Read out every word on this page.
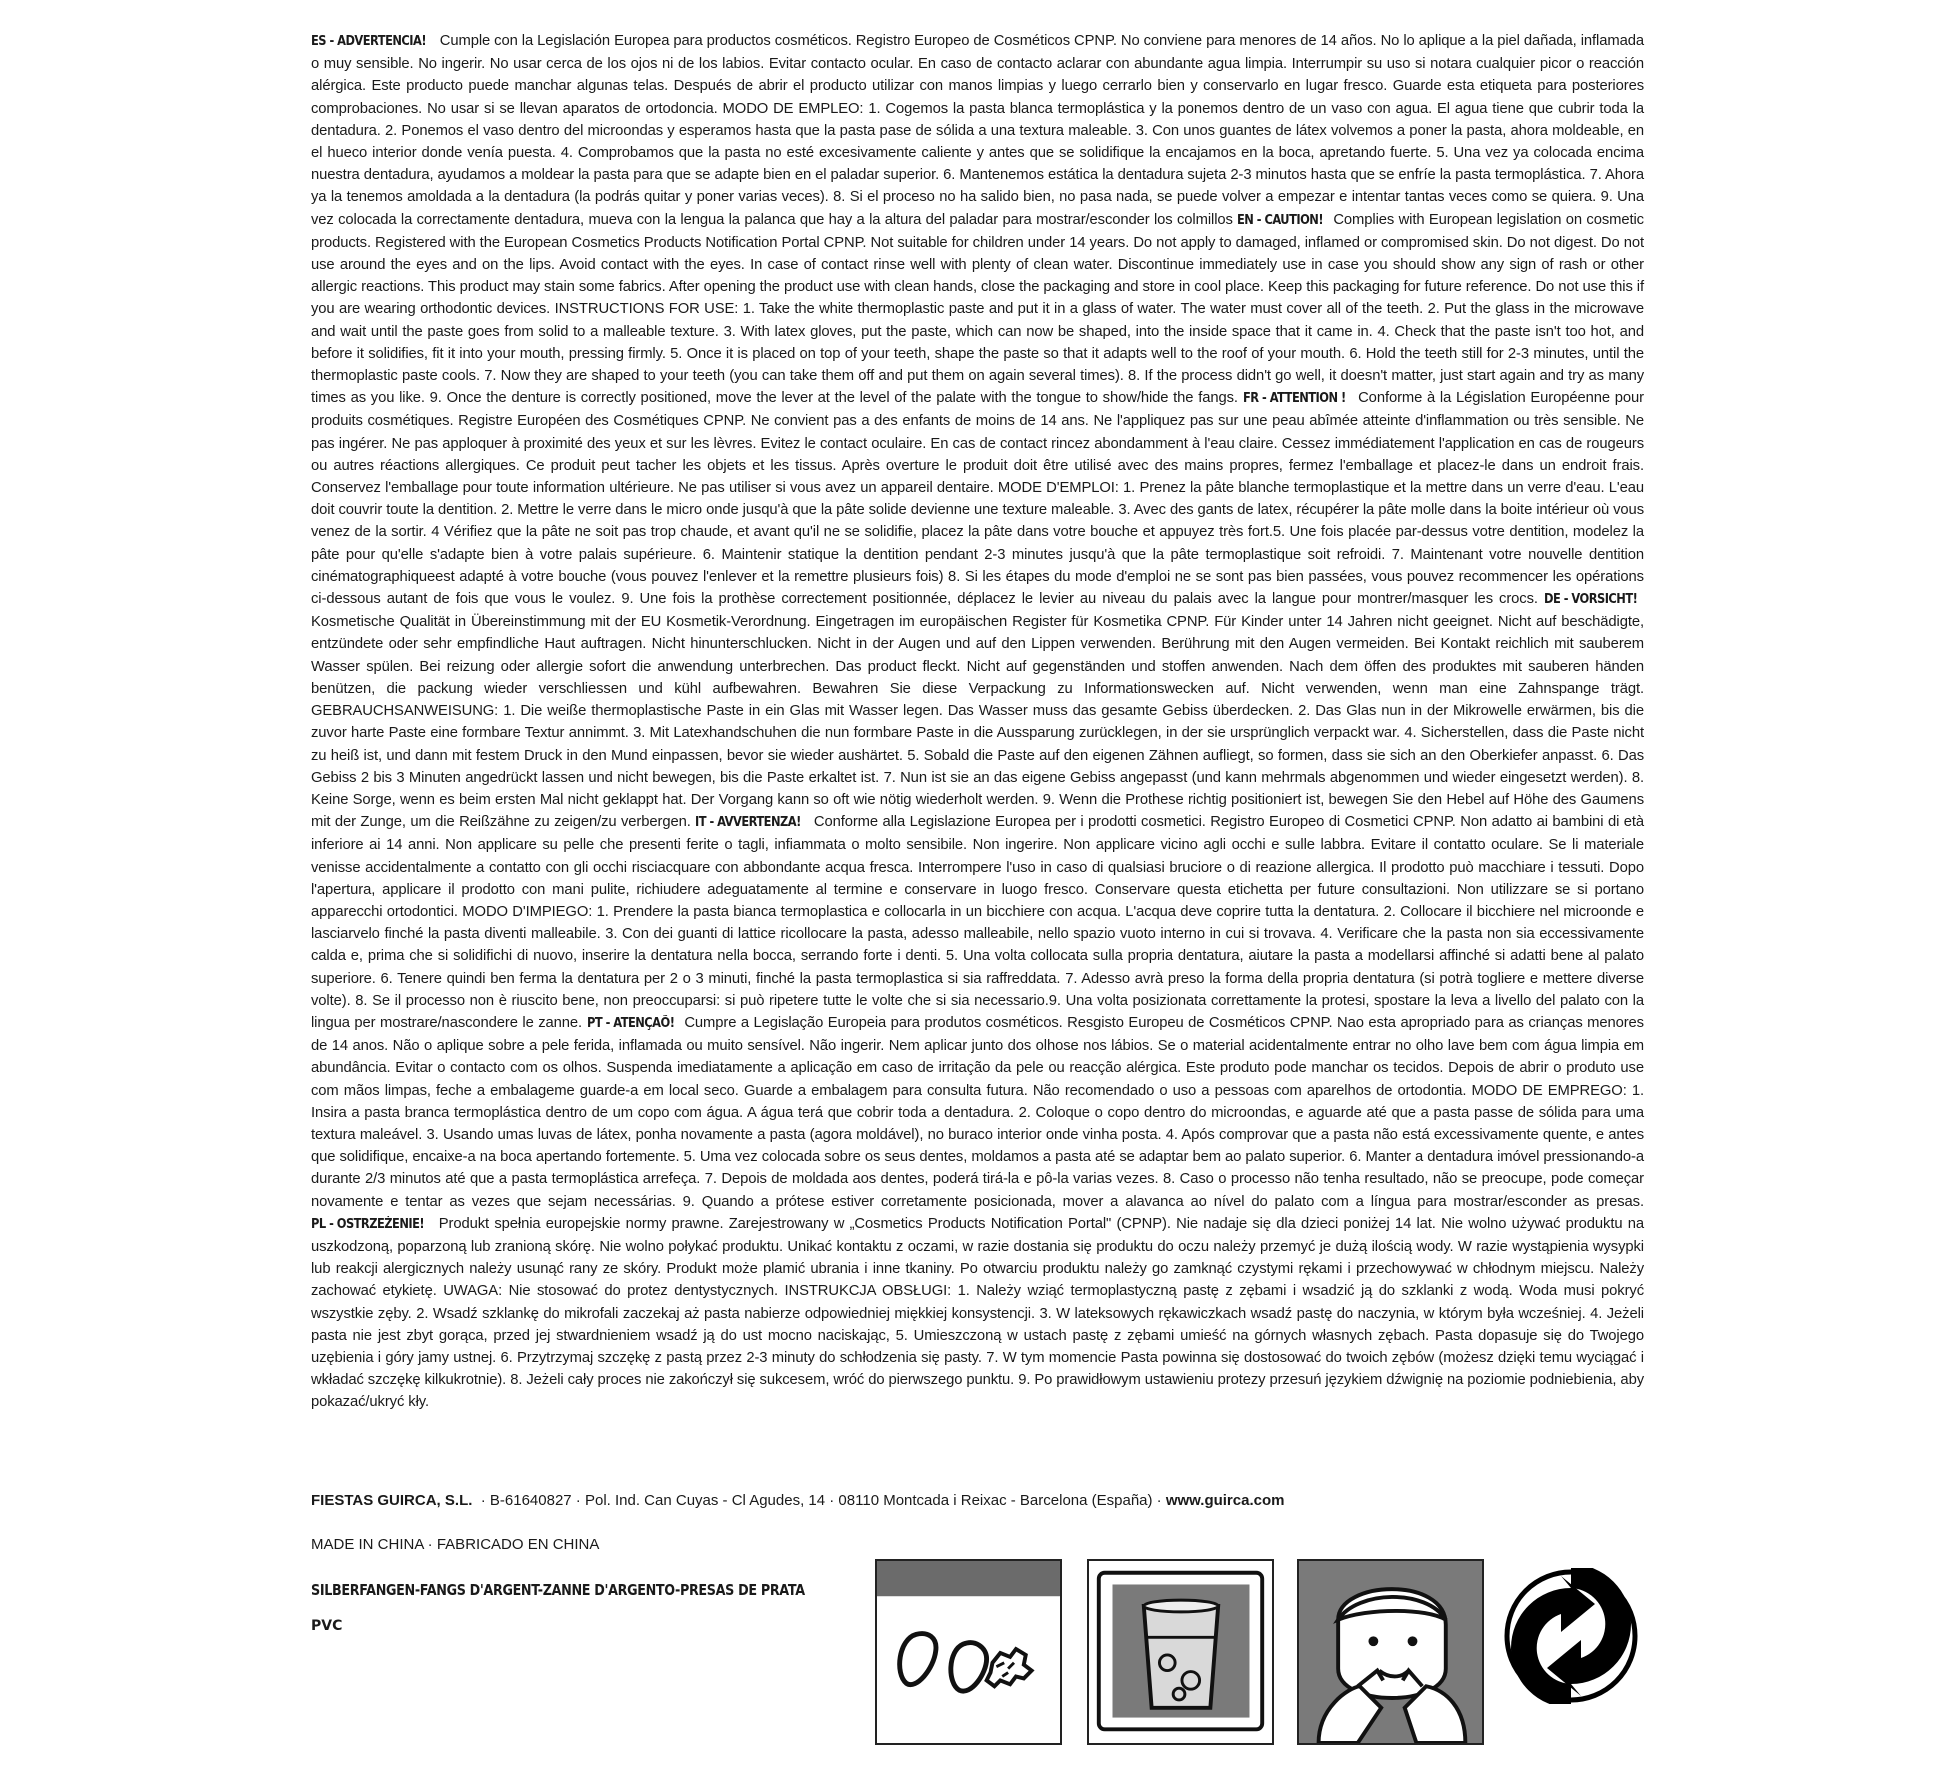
ES - ADVERTENCIA! Cumple con la Legislación Europea para productos cosméticos. Registro Europeo de Cosméticos CPNP. No conviene para menores de 14 años. No lo aplique a la piel dañada, inflamada o muy sensible. No ingerir. No usar cerca de los ojos ni de los labios. Evitar contacto ocular. En caso de contacto aclarar con abundante agua limpia. Interrumpir su uso si notara cualquier picor o reacción alérgica. Este producto puede manchar algunas telas. Después de abrir el producto utilizar con manos limpias y luego cerrarlo bien y conservarlo en lugar fresco. Guarde esta etiqueta para posteriores comprobaciones. No usar si se llevan aparatos de ortodoncia. MODO DE EMPLEO: 1. Cogemos la pasta blanca termoplástica y la ponemos dentro de un vaso con agua. El agua tiene que cubrir toda la dentadura. 2. Ponemos el vaso dentro del microondas y esperamos hasta que la pasta pase de sólida a una textura maleable. 3. Con unos guantes de látex volvemos a poner la pasta, ahora moldeable, en el hueco interior donde venía puesta. 4. Comprobamos que la pasta no esté excesivamente caliente y antes que se solidifique la encajamos en la boca, apretando fuerte. 5. Una vez ya colocada encima nuestra dentadura, ayudamos a moldear la pasta para que se adapte bien en el paladar superior. 6. Mantenemos estática la dentadura sujeta 2-3 minutos hasta que se enfríe la pasta termoplástica. 7. Ahora ya la tenemos amoldada a la dentadura (la podrás quitar y poner varias veces). 8. Si el proceso no ha salido bien, no pasa nada, se puede volver a empezar e intentar tantas veces como se quiera. 9. Una vez colocada la correctamente dentadura, mueva con la lengua la palanca que hay a la altura del paladar para mostrar/esconder los colmillos

EN - CAUTION! Complies with European legislation on cosmetic products. Registered with the European Cosmetics Products Notification Portal CPNP. Not suitable for children under 14 years. Do not apply to damaged, inflamed or compromised skin. Do not digest. Do not use around the eyes and on the lips. Avoid contact with the eyes. In case of contact rinse well with plenty of clean water. Discontinue immediately use in case you should show any sign of rash or other allergic reactions. This product may stain some fabrics. After opening the product use with clean hands, close the packaging and store in cool place. Keep this packaging for future reference. Do not use this if you are wearing orthodontic devices. INSTRUCTIONS FOR USE: 1. Take the white thermoplastic paste and put it in a glass of water. The water must cover all of the teeth. 2. Put the glass in the microwave and wait until the paste goes from solid to a malleable texture. 3. With latex gloves, put the paste, which can now be shaped, into the inside space that it came in. 4. Check that the paste isn't too hot, and before it solidifies, fit it into your mouth, pressing firmly. 5. Once it is placed on top of your teeth, shape the paste so that it adapts well to the roof of your mouth. 6. Hold the teeth still for 2-3 minutes, until the thermoplastic paste cools. 7. Now they are shaped to your teeth (you can take them off and put them on again several times). 8. If the process didn't go well, it doesn't matter, just start again and try as many times as you like. 9. Once the denture is correctly positioned, move the lever at the level of the palate with the tongue to show/hide the fangs.

FR - ATTENTION ! Conforme à la Législation Européenne pour produits cosmétiques. Registre Européen des Cosmétiques CPNP. Ne convient pas a des enfants de moins de 14 ans. Ne l'appliquez pas sur une peau abîmée atteinte d'inflammation ou très sensible. Ne pas ingérer. Ne pas apploquer à proximité des yeux et sur les lèvres. Evitez le contact oculaire. En cas de contact rincez abondamment à l'eau claire. Cessez immédiatement l'application en cas de rougeurs ou autres réactions allergiques. Ce produit peut tacher les objets et les tissus. Après overture le produit doit être utilisé avec des mains propres, fermez l'emballage et placez-le dans un endroit frais. Conservez l'emballage pour toute information ultérieure. Ne pas utiliser si vous avez un appareil dentaire. MODE D'EMPLOI: 1. Prenez la pâte blanche termoplastique et la mettre dans un verre d'eau. L'eau doit couvrir toute la dentition. 2. Mettre le verre dans le micro onde jusqu'à que la pâte solide devienne une texture maleable. 3. Avec des gants de latex, récupérer la pâte molle dans la boite intérieur où vous venez de la sortir. 4 Vérifiez que la pâte ne soit pas trop chaude, et avant qu'il ne se solidifie, placez la pâte dans votre bouche et appuyez très fort.5. Une fois placée par-dessus votre dentition, modelez la pâte pour qu'elle s'adapte bien à votre palais supérieure. 6. Maintenir statique la dentition pendant 2-3 minutes jusqu'à que la pâte termoplastique soit refroidi. 7. Maintenant votre nouvelle dentition cinématographiqueest adapté à votre bouche (vous pouvez l'enlever et la remettre plusieurs fois) 8. Si les étapes du mode d'emploi ne se sont pas bien passées, vous pouvez recommencer les opérations ci-dessous autant de fois que vous le voulez. 9. Une fois la prothèse correctement positionnée, déplacez le levier au niveau du palais avec la langue pour montrer/masquer les crocs.

DE - VORSICHT! Kosmetische Qualität in Übereinstimmung mit der EU Kosmetik-Verordnung. Eingetragen im europäischen Register für Kosmetika CPNP. Für Kinder unter 14 Jahren nicht geeignet. Nicht auf beschädigte, entzündete oder sehr empfindliche Haut auftragen. Nicht hinunterschlucken. Nicht in der Augen und auf den Lippen verwenden. Berührung mit den Augen vermeiden. Bei Kontakt reichlich mit sauberem Wasser spülen. Bei reizung oder allergie sofort die anwendung unterbrechen. Das product fleckt. Nicht auf gegenständen und stoffen anwenden. Nach dem öffen des produktes mit sauberen händen benützen, die packung wieder verschliessen und kühl aufbewahren. Bewahren Sie diese Verpackung zu Informationswecken auf. Nicht verwenden, wenn man eine Zahnspange trägt. GEBRAUCHSANWEISUNG: 1. Die weiße thermoplastische Paste in ein Glas mit Wasser legen. Das Wasser muss das gesamte Gebiss überdecken. 2. Das Glas nun in der Mikrowelle erwärmen, bis die zuvor harte Paste eine formbare Textur annimmt. 3. Mit Latexhandschuhen die nun formbare Paste in die Aussparung zurücklegen, in der sie ursprünglich verpackt war. 4. Sicherstellen, dass die Paste nicht zu heiß ist, und dann mit festem Druck in den Mund einpassen, bevor sie wieder aushärtet. 5. Sobald die Paste auf den eigenen Zähnen aufliegt, so formen, dass sie sich an den Oberkiefer anpasst. 6. Das Gebiss 2 bis 3 Minuten angedrückt lassen und nicht bewegen, bis die Paste erkaltet ist. 7. Nun ist sie an das eigene Gebiss angepasst (und kann mehrmals abgenommen und wieder eingesetzt werden). 8. Keine Sorge, wenn es beim ersten Mal nicht geklappt hat. Der Vorgang kann so oft wie nötig wiederholt werden. 9. Wenn die Prothese richtig positioniert ist, bewegen Sie den Hebel auf Höhe des Gaumens mit der Zunge, um die Reißzähne zu zeigen/zu verbergen.

IT - AVVERTENZA! Conforme alla Legislazione Europea per i prodotti cosmetici. Registro Europeo di Cosmetici CPNP. Non adatto ai bambini di età inferiore ai 14 anni. Non applicare su pelle che presenti ferite o tagli, infiammata o molto sensibile. Non ingerire. Non applicare vicino agli occhi e sulle labbra. Evitare il contatto oculare. Se li materiale venisse accidentalmente a contatto con gli occhi risciacquare con abbondante acqua fresca. Interrompere l'uso in caso di qualsiasi bruciore o di reazione allergica. Il prodotto può macchiare i tessuti. Dopo l'apertura, applicare il prodotto con mani pulite, richiudere adeguatamente al termine e conservare in luogo fresco. Conservare questa etichetta per future consultazioni. Non utilizzare se si portano apparecchi ortodontici. MODO D'IMPIEGO: 1. Prendere la pasta bianca termoplastica e collocarla in un bicchiere con acqua. L'acqua deve coprire tutta la dentatura. 2. Collocare il bicchiere nel microonde e lasciarvelo finché la pasta diventi malleabile. 3. Con dei guanti di lattice ricollocare la pasta, adesso malleabile, nello spazio vuoto interno in cui si trovava. 4. Verificare che la pasta non sia eccessivamente calda e, prima che si solidifichi di nuovo, inserire la dentatura nella bocca, serrando forte i denti. 5. Una volta collocata sulla propria dentatura, aiutare la pasta a modellarsi affinché si adatti bene al palato superiore. 6. Tenere quindi ben ferma la dentatura per 2 o 3 minuti, finché la pasta termoplastica si sia raffreddata. 7. Adesso avrà preso la forma della propria dentatura (si potrà togliere e mettere diverse volte). 8. Se il processo non è riuscito bene, non preoccuparsi: si può ripetere tutte le volte che si sia necessario.9. Una volta posizionata correttamente la protesi, spostare la leva a livello del palato con la lingua per mostrare/nascondere le zanne.

PT - ATENÇAÕ! Cumpre a Legislação Europeia para produtos cosméticos. Resgisto Europeu de Cosméticos CPNP. Nao esta apropriado para as crianças menores de 14 anos. Não o aplique sobre a pele ferida, inflamada ou muito sensível. Não ingerir. Nem aplicar junto dos olhose nos lábios. Se o material acidentalmente entrar no olho lave bem com água limpia em abundância. Evitar o contacto com os olhos. Suspenda imediatamente a aplicação em caso de irritação da pele ou reacção alérgica. Este produto pode manchar os tecidos. Depois de abrir o produto use com mãos limpas, feche a embalageme guarde-a em local seco. Guarde a embalagem para consulta futura. Não recomendado o uso a pessoas com aparelhos de ortodontia. MODO DE EMPREGO: 1. Insira a pasta branca termoplástica dentro de um copo com água. A água terá que cobrir toda a dentadura. 2. Coloque o copo dentro do microondas, e aguarde até que a pasta passe de sólida para uma textura maleável. 3. Usando umas luvas de látex, ponha novamente a pasta (agora moldável), no buraco interior onde vinha posta. 4. Após comprovar que a pasta não está excessivamente quente, e antes que solidifique, encaixe-a na boca apertando fortemente. 5. Uma vez colocada sobre os seus dentes, moldamos a pasta até se adaptar bem ao palato superior. 6. Manter a dentadura imóvel pressionando-a durante 2/3 minutos até que a pasta termoplástica arrefeça. 7. Depois de moldada aos dentes, poderá tirá-la e pô-la varias vezes. 8. Caso o processo não tenha resultado, não se preocupe, pode começar novamente e tentar as vezes que sejam necessárias. 9. Quando a prótese estiver corretamente posicionada, mover a alavanca ao nível do palato com a língua para mostrar/esconder as presas.

PL - OSTRZEŻENIE! Produkt spełnia europejskie normy prawne. Zarejestrowany w „Cosmetics Products Notification Portal" (CPNP). Nie nadaje się dla dzieci poniżej 14 lat. Nie wolno używać produktu na uszkodzoną, poparzoną lub zranioną skórę. Nie wolno połykać produktu. Unikać kontaktu z oczami, w razie dostania się produktu do oczu należy przemyć je dużą ilością wody. W razie wystąpienia wysypki lub reakcji alergicznych należy usunąć rany ze skóry. Produkt może plamić ubrania i inne tkaniny. Po otwarciu produktu należy go zamknąć czystymi rękami i przechowywać w chłodnym miejscu. Należy zachować etykietę. UWAGA: Nie stosować do protez dentystycznych. INSTRUKCJA OBSŁUGI: 1. Należy wziąć termoplastyczną pastę z zębami i wsadzić ją do szklanki z wodą. Woda musi pokryć wszystkie zęby. 2. Wsadź szklankę do mikrofali zaczekaj aż pasta nabierze odpowiedniej miękkiej konsystencji. 3. W lateksowych rękawiczkach wsadź pastę do naczynia, w którym była wcześniej. 4. Jeżeli pasta nie jest zbyt gorąca, przed jej stwardnieniem wsadź ją do ust mocno naciskając, 5. Umieszczoną w ustach pastę z zębami umieść na górnych własnych zębach. Pasta dopasuje się do Twojego uzębienia i góry jamy ustnej. 6. Przytrzymaj szczękę z pastą przez 2-3 minuty do schłodzenia się pasty. 7. W tym momencie Pasta powinna się dostosować do twoich zębów (możesz dzięki temu wyciągać i wkładać szczękę kilkukrotnie). 8. Jeżeli cały proces nie zakończył się sukcesem, wróć do pierwszego punktu. 9. Po prawidłowym ustawieniu protezy przesuń językiem dźwignię na poziomie podniebienia, aby pokazać/ukryć kły.

FIESTAS GUIRCA, S.L.  · B-61640827 · Pol. Ind. Can Cuyas - Cl Agudes, 14 · 08110 Montcada i Reixac - Barcelona (España) · www.guirca.com
MADE IN CHINA · FABRICADO EN CHINA
SILBERFANGEN-FANGS D'ARGENT-ZANNE D'ARGENTO-PRESAS DE PRATA
PVC
